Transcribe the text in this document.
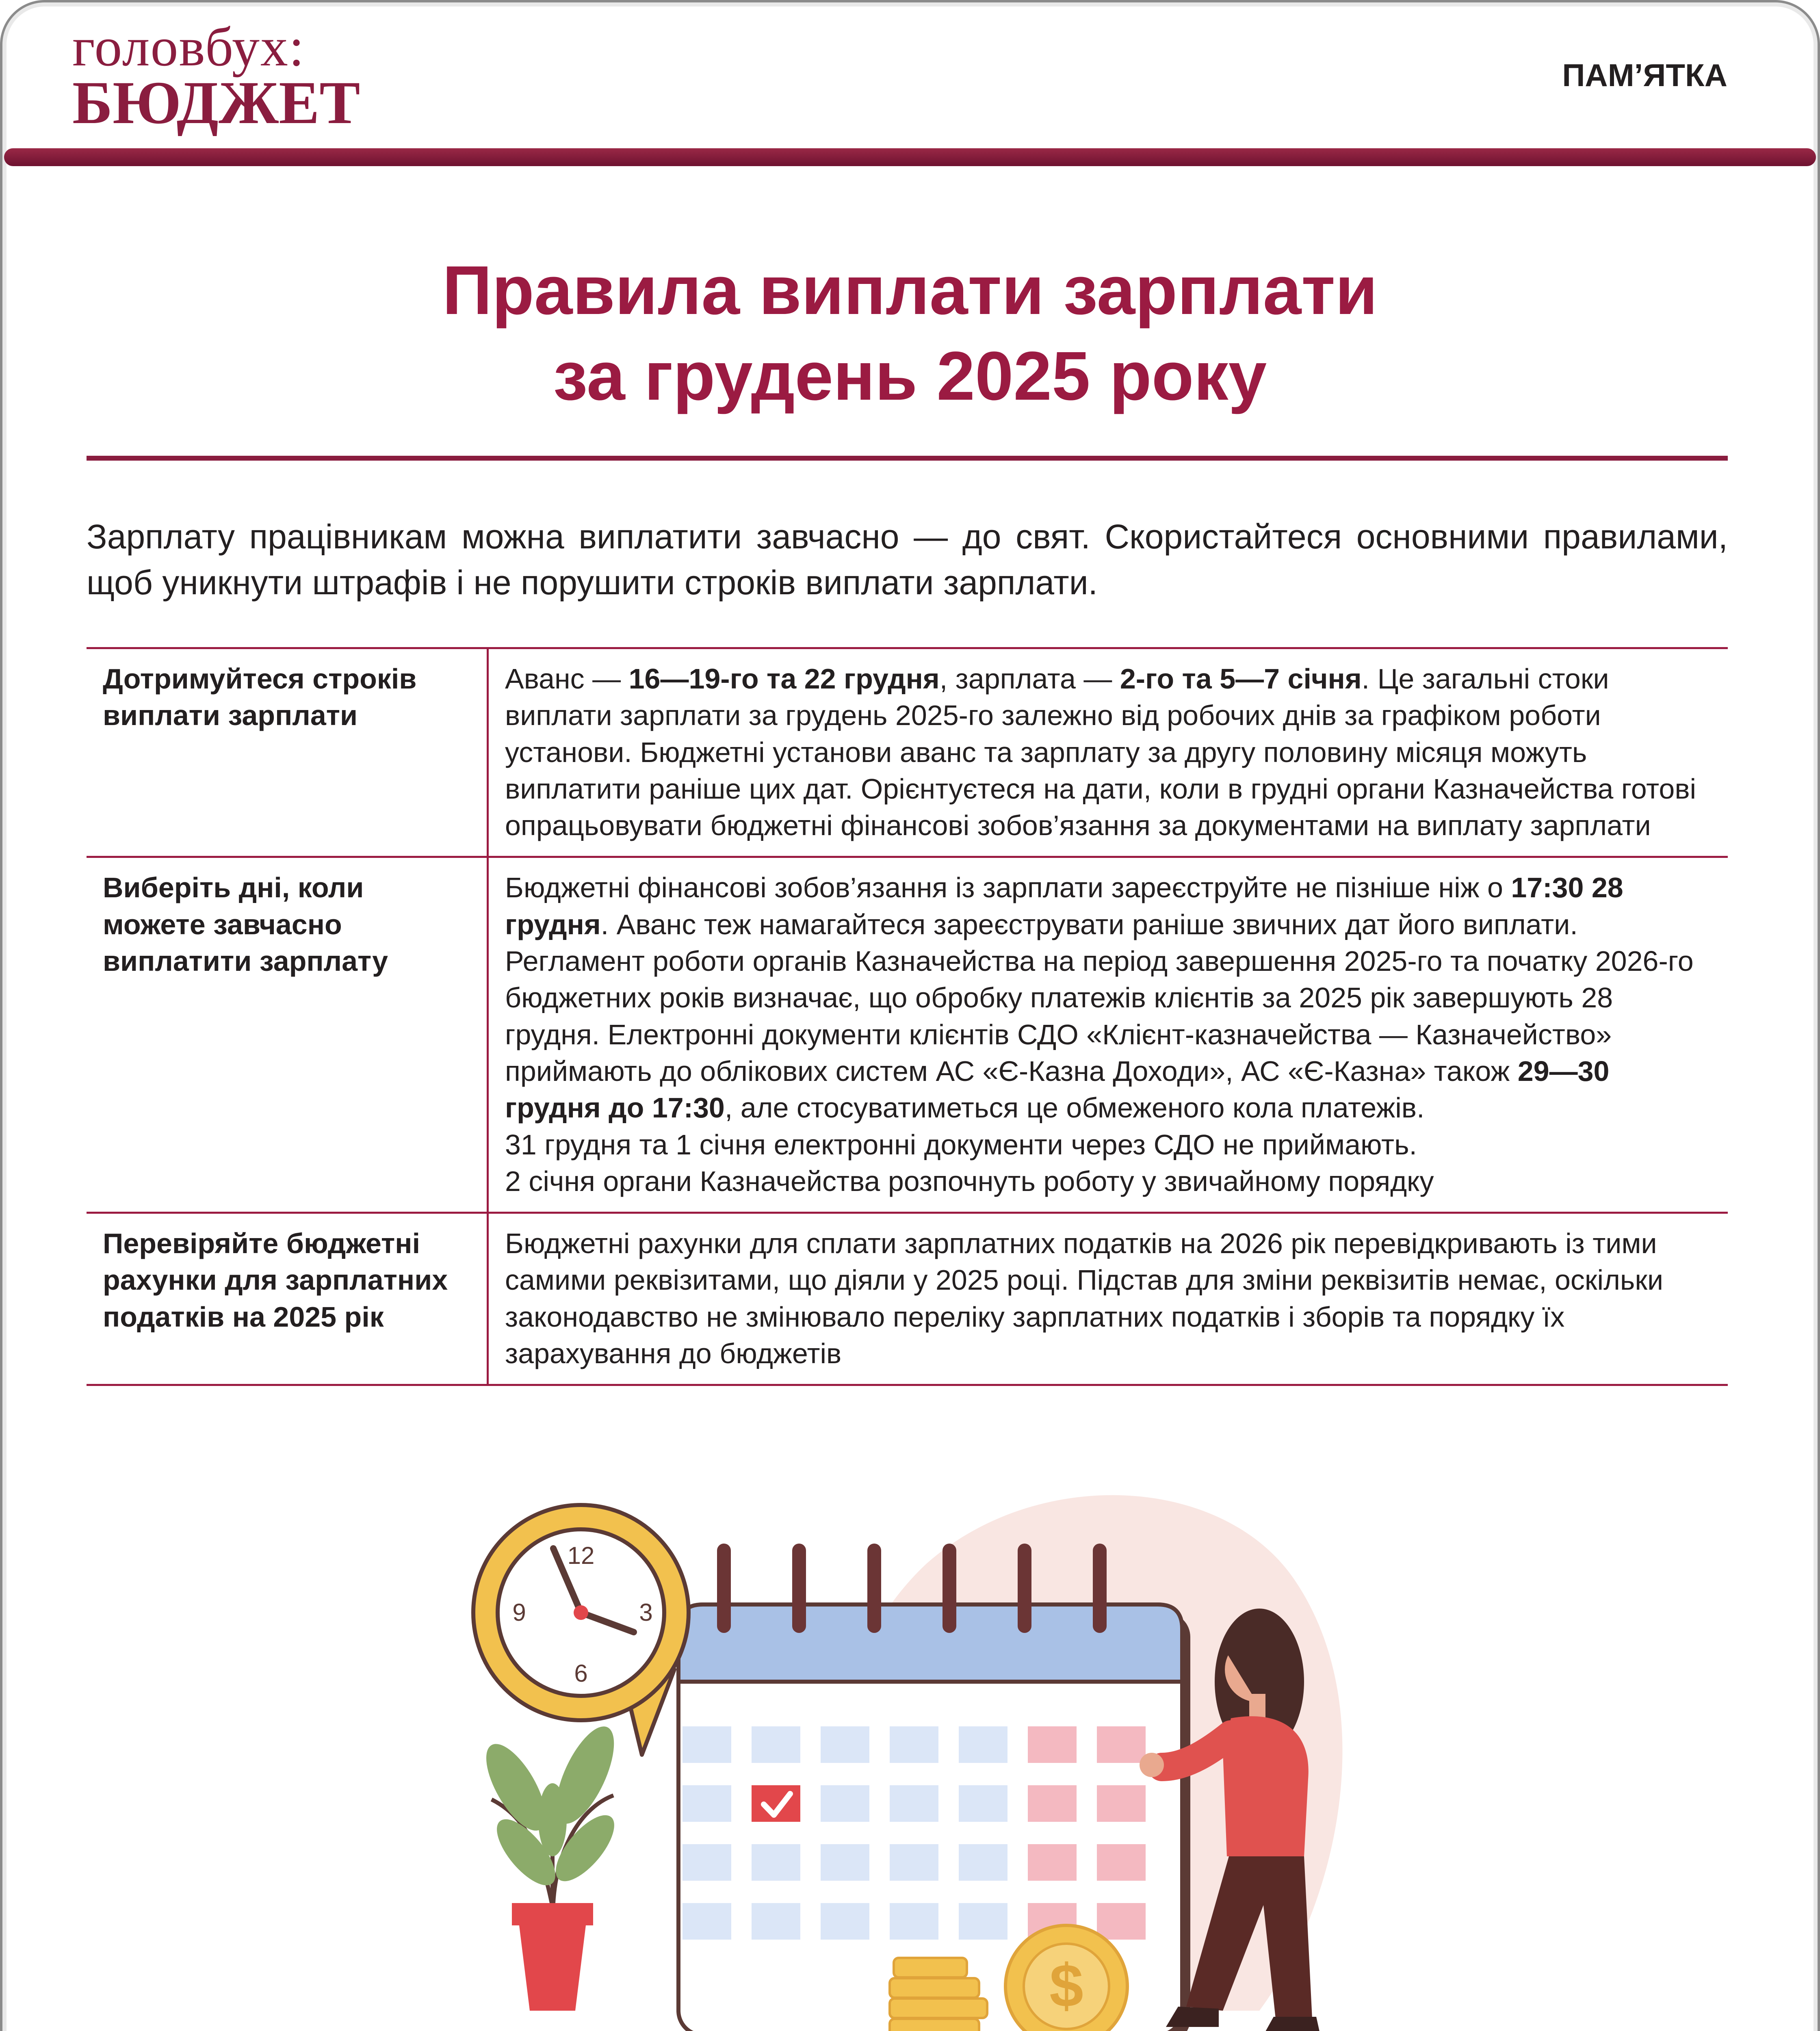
головбух:
БЮДЖЕТ	ПАМ’ЯТКА
Правила виплати зарплати
за грудень 2025 року
Зарплату працівникам можна виплатити завчасно — до свят. Скористайтеся основними правилами, щоб уникнути штрафів і не порушити строків виплати зарплати.
Дотримуйтеся строків виплати зарплати	Аванс — 16—19-го та 22 грудня, зарплата — 2-го та 5—7 січня. Це загальні стоки виплати зарплати за грудень 2025-го залежно від робочих днів за графіком роботи установи. Бюджетні установи аванс та зарплату за другу половину місяця можуть виплатити раніше цих дат. Орієнтуєтеся на дати, коли в грудні органи Казначейства готові опрацьовувати бюджетні фінансові зобов’язання за документами на виплату зарплати
Виберіть дні, коли можете завчасно виплатити зарплату	Бюджетні фінансові зобов’язання із зарплати зареєструйте не пізніше ніж о 17:30 28 грудня. Аванс теж намагайтеся зареєструвати раніше звичних дат його виплати. Регламент роботи органів Казначейства на період завершення 2025-го та початку 2026-го бюджетних років визначає, що обробку платежів клієнтів за 2025 рік завершують 28 грудня. Електронні документи клієнтів СДО «Клієнт-казначейства — Казначейство» приймають до облікових систем АС «Є-Казна Доходи», АС «Є-Казна» також 29—30 грудня до 17:30, але стосуватиметься це обмеженого кола платежів.
31 грудня та 1 січня електронні документи через СДО не приймають.
2 січня органи Казначейства розпочнуть роботу у звичайному порядку
Перевіряйте бюджетні рахунки для зарплатних податків на 2025 рік	Бюджетні рахунки для сплати зарплатних податків на 2026 рік перевідкривають із тими самими реквізитами, що діяли у 2025 році. Підстав для зміни реквізитів немає, оскільки законодавство не змінювало переліку зарплатних податків і зборів та порядку їх зарахування до бюджетів
12
3
6
9
$
